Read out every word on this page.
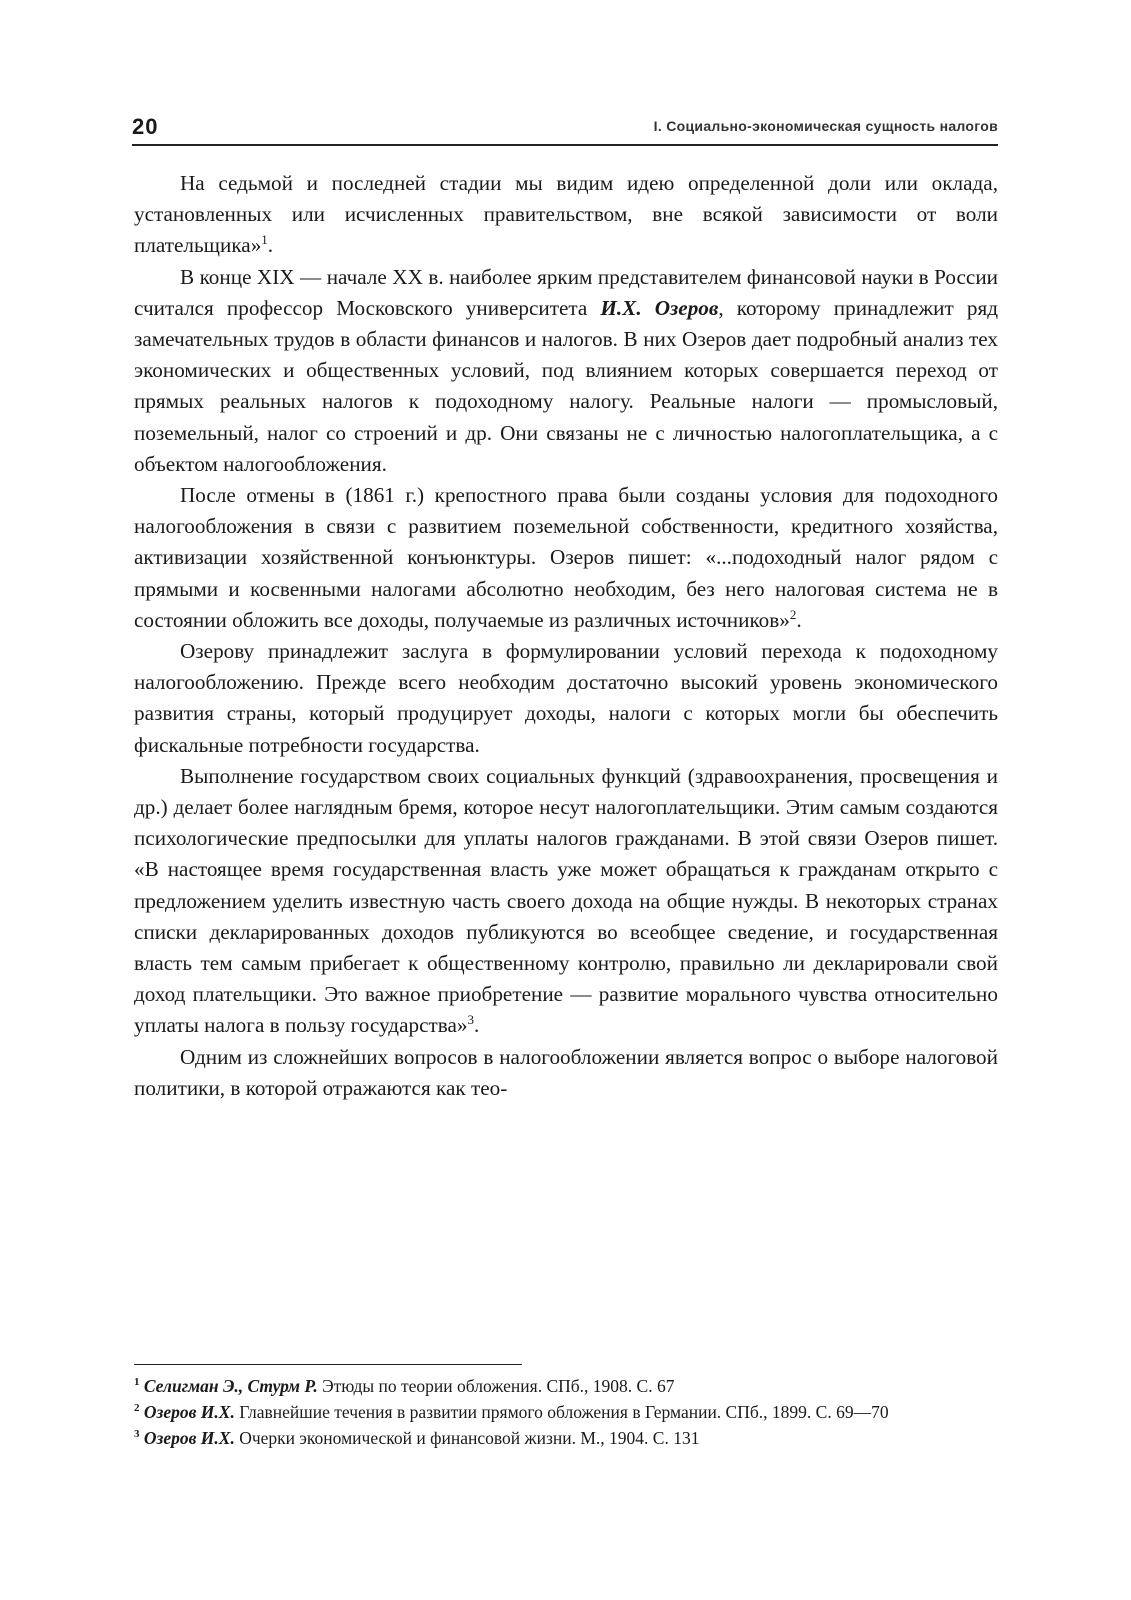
20	I. Социально-экономическая сущность налогов

На седьмой и последней стадии мы видим идею определенной доли или оклада, установленных или исчисленных правительством, вне всякой зависимости от воли плательщика»$^1$.

В конце XIX — начале XX в. наиболее ярким представителем финансовой науки в России считался профессор Московского университета И.Х. Озеров, которому принадлежит ряд замечательных трудов в области финансов и налогов. В них Озеров дает подробный анализ тех экономических и общественных условий, под влиянием которых совершается переход от прямых реальных налогов к подоходному налогу. Реальные налоги — промысловый, поземельный, налог со строений и др. Они связаны не с личностью налогоплательщика, а с объектом налогообложения.

После отмены в (1861 г.) крепостного права были созданы условия для подоходного налогообложения в связи с развитием поземельной собственности, кредитного хозяйства, активизации хозяйственной конъюнктуры. Озеров пишет: «...подоходный налог рядом с прямыми и косвенными налогами абсолютно необходим, без него налоговая система не в состоянии обложить все доходы, получаемые из различных источников»$^2$.

Озерову принадлежит заслуга в формулировании условий перехода к подоходному налогообложению. Прежде всего необходим достаточно высокий уровень экономического развития страны, который продуцирует доходы, налоги с которых могли бы обеспечить фискальные потребности государства.

Выполнение государством своих социальных функций (здравоохранения, просвещения и др.) делает более наглядным бремя, которое несут налогоплательщики. Этим самым создаются психологические предпосылки для уплаты налогов гражданами. В этой связи Озеров пишет. «В настоящее время государственная власть уже может обращаться к гражданам открыто с предложением уделить известную часть своего дохода на общие нужды. В некоторых странах списки декларированных доходов публикуются во всеобщее сведение, и государственная власть тем самым прибегает к общественному контролю, правильно ли декларировали свой доход плательщики. Это важное приобретение — развитие морального чувства относительно уплаты налога в пользу государства»$^3$.

Одним из сложнейших вопросов в налогообложении является вопрос о выборе налоговой политики, в которой отражаются как тео-

$^1$ Селигман Э., Стурм Р. Этюды по теории обложения. СПб., 1908. С. 67
$^2$ Озеров И.Х. Главнейшие течения в развитии прямого обложения в Германии. СПб., 1899. С. 69—70
$^3$ Озеров И.Х. Очерки экономической и финансовой жизни. М., 1904. С. 131
